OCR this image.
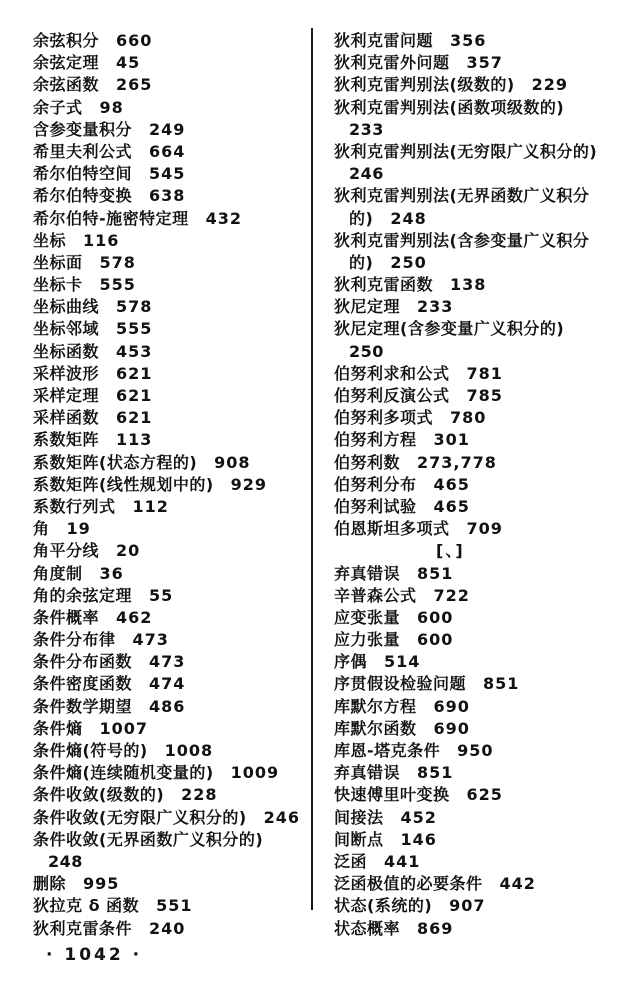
余弦积分 660
余弦定理 45
余弦函数 265
余子式 98
含参变量积分 249
希里夫利公式 664
希尔伯特空间 545
希尔伯特变换 638
希尔伯特-施密特定理 432
坐标 116
坐标面 578
坐标卡 555
坐标曲线 578
坐标邻域 555
坐标函数 453
采样波形 621
采样定理 621
采样函数 621
系数矩阵 113
系数矩阵(状态方程的) 908
系数矩阵(线性规划中的) 929
系数行列式 112
角 19
角平分线 20
角度制 36
角的余弦定理 55
条件概率 462
条件分布律 473
条件分布函数 473
条件密度函数 474
条件数学期望 486
条件熵 1007
条件熵(符号的) 1008
条件熵(连续随机变量的) 1009
条件收敛(级数的) 228
条件收敛(无穷限广义积分的) 246
条件收敛(无界函数广义积分的)
248
删除 995
狄拉克 δ 函数 551
狄利克雷条件 240
狄利克雷问题 356
狄利克雷外问题 357
狄利克雷判别法(级数的) 229
狄利克雷判别法(函数项级数的)
233
狄利克雷判别法(无穷限广义积分的)
246
狄利克雷判别法(无界函数广义积分
的) 248
狄利克雷判别法(含参变量广义积分
的) 250
狄利克雷函数 138
狄尼定理 233
狄尼定理(含参变量广义积分的)
250
伯努利求和公式 781
伯努利反演公式 785
伯努利多项式 780
伯努利方程 301
伯努利数 273,778
伯努利分布 465
伯努利试验 465
伯恩斯坦多项式 709
[、]
弃真错误 851
辛普森公式 722
应变张量 600
应力张量 600
序偶 514
序贯假设检验问题 851
库默尔方程 690
库默尔函数 690
库恩-塔克条件 950
弃真错误 851
快速傅里叶变换 625
间接法 452
间断点 146
泛函 441
泛函极值的必要条件 442
状态(系统的) 907
状态概率 869
· 1042 ·
